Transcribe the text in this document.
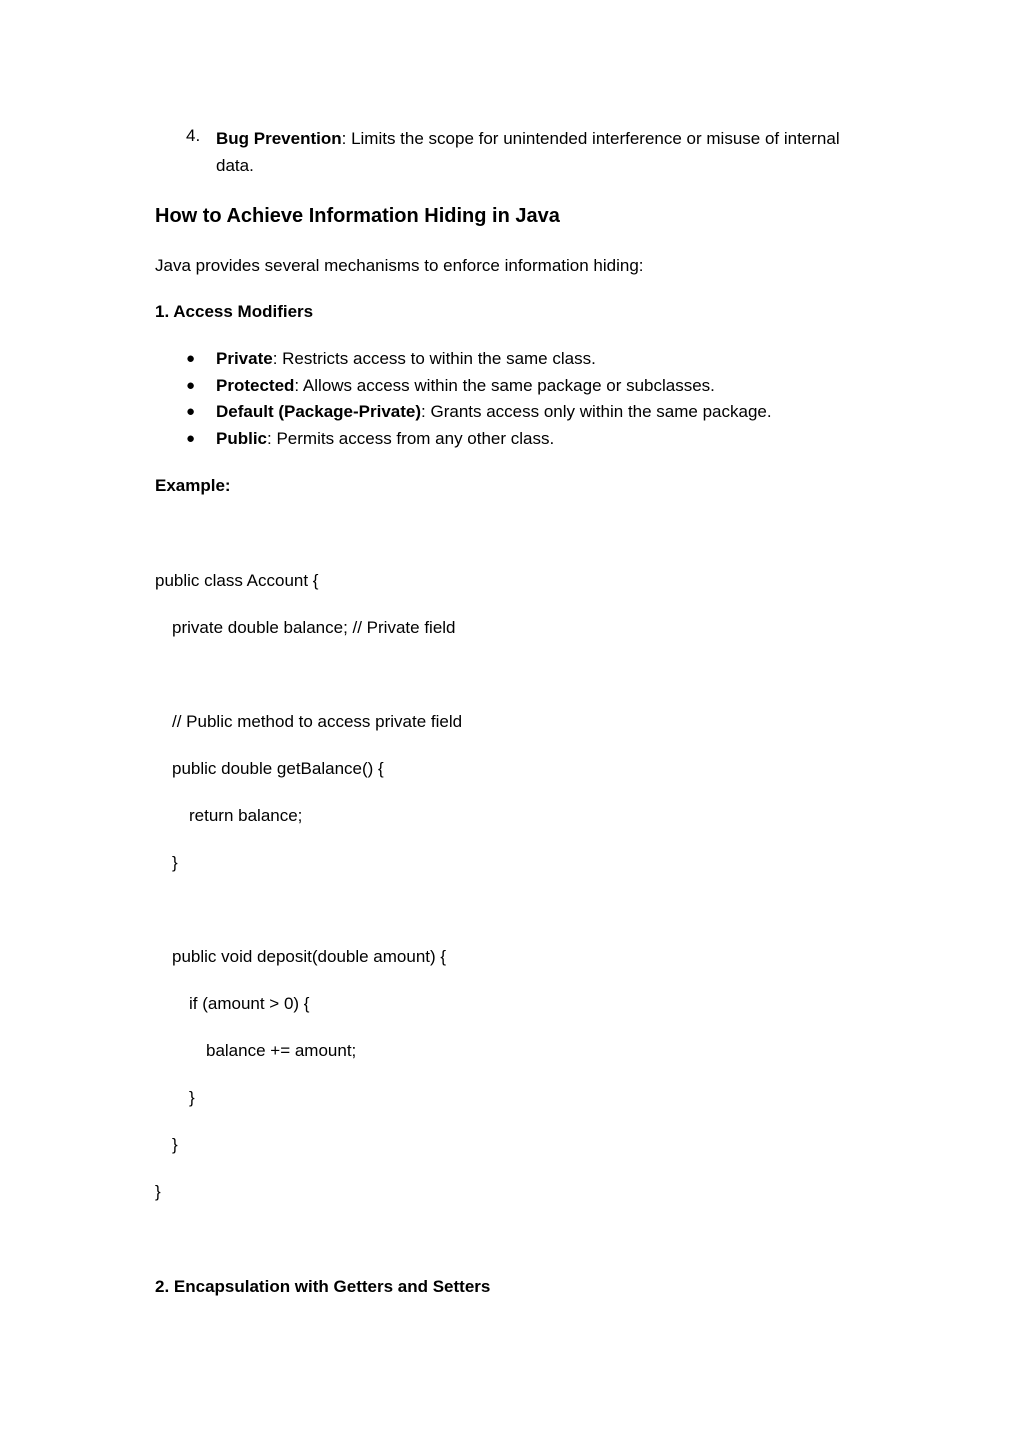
4. Bug Prevention: Limits the scope for unintended interference or misuse of internal data.
How to Achieve Information Hiding in Java
Java provides several mechanisms to enforce information hiding:
1. Access Modifiers
● Private: Restricts access to within the same class.
● Protected: Allows access within the same package or subclasses.
● Default (Package-Private): Grants access only within the same package.
● Public: Permits access from any other class.
Example:
public class Account {
private double balance; // Private field
// Public method to access private field
public double getBalance() {
return balance;
}
public void deposit(double amount) {
if (amount > 0) {
balance += amount;
}
}
}
2. Encapsulation with Getters and Setters
